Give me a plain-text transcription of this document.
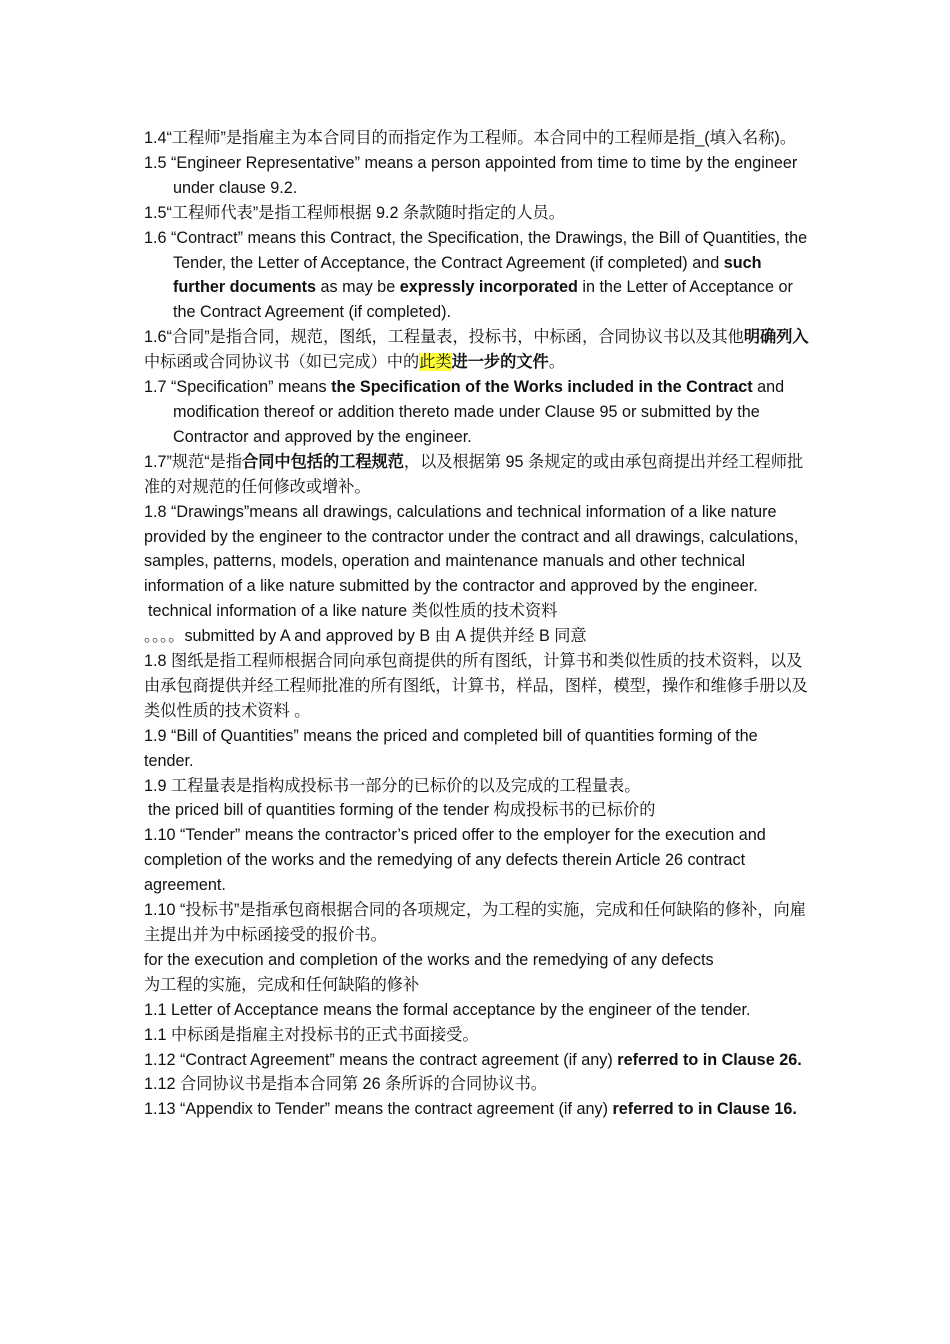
1.4“工程师”是指雇主为本合同目的而指定作为工程师。本合同中的工程师是指_(填入名称)。

1.5 “Engineer Representative” means a person appointed from time to time by the engineer under clause 9.2.

1.5“工程师代表”是指工程师根据 9.2 条款随时指定的人员。

1.6 “Contract” means this Contract, the Specification, the Drawings, the Bill of Quantities, the Tender, the Letter of Acceptance, the Contract Agreement (if completed) and such further documents as may be expressly incorporated in the Letter of Acceptance or the Contract Agreement (if completed).

1.6“合同”是指合同，规范，图纸，工程量表，投标书，中标函，合同协议书以及其他明确列入中标函或合同协议书（如已完成）中的此类进一步的文件。

1.7 “Specification” means the Specification of the Works included in the Contract and modification thereof or addition thereto made under Clause 95 or submitted by the Contractor and approved by the engineer.

1.7”规范“是指合同中包括的工程规范，以及根据第 95 条规定的或由承包商提出并经工程师批准的对规范的任何修改或增补。

1.8 “Drawings”means all drawings, calculations and technical information of a like nature provided by the engineer to the contractor under the contract and all drawings, calculations, samples, patterns, models, operation and maintenance manuals and other technical information of a like nature submitted by the contractor and approved by the engineer.

technical information of a like nature 类似性质的技术资料

。。。。submitted by A and approved by B 由 A 提供并经 B 同意

1.8 图纸是指工程师根据合同向承包商提供的所有图纸，计算书和类似性质的技术资料，以及由承包商提供并经工程师批准的所有图纸，计算书，样品，图样，模型，操作和维修手册以及类似性质的技术资料 。

1.9 “Bill of Quantities” means the priced and completed bill of quantities forming of the tender.

1.9 工程量表是指构成投标书一部分的已标价的以及完成的工程量表。

the priced bill of quantities forming of the tender 构成投标书的已标价的

1.10 “Tender” means the contractor’s priced offer to the employer for the execution and completion of the works and the remedying of any defects therein Article 26 contract agreement.

1.10 “投标书”是指承包商根据合同的各项规定，为工程的实施，完成和任何缺陷的修补，向雇主提出并为中标函接受的报价书。

for the execution and completion of the works and the remedying of any defects

为工程的实施，完成和任何缺陷的修补

1.1 Letter of Acceptance means the formal acceptance by the engineer of the tender.

1.1 中标函是指雇主对投标书的正式书面接受。

1.12 “Contract Agreement” means the contract agreement (if any) referred to in Clause 26.

1.12 合同协议书是指本合同第 26 条所诉的合同协议书。

1.13 “Appendix to Tender” means the contract agreement (if any) referred to in Clause 16.
